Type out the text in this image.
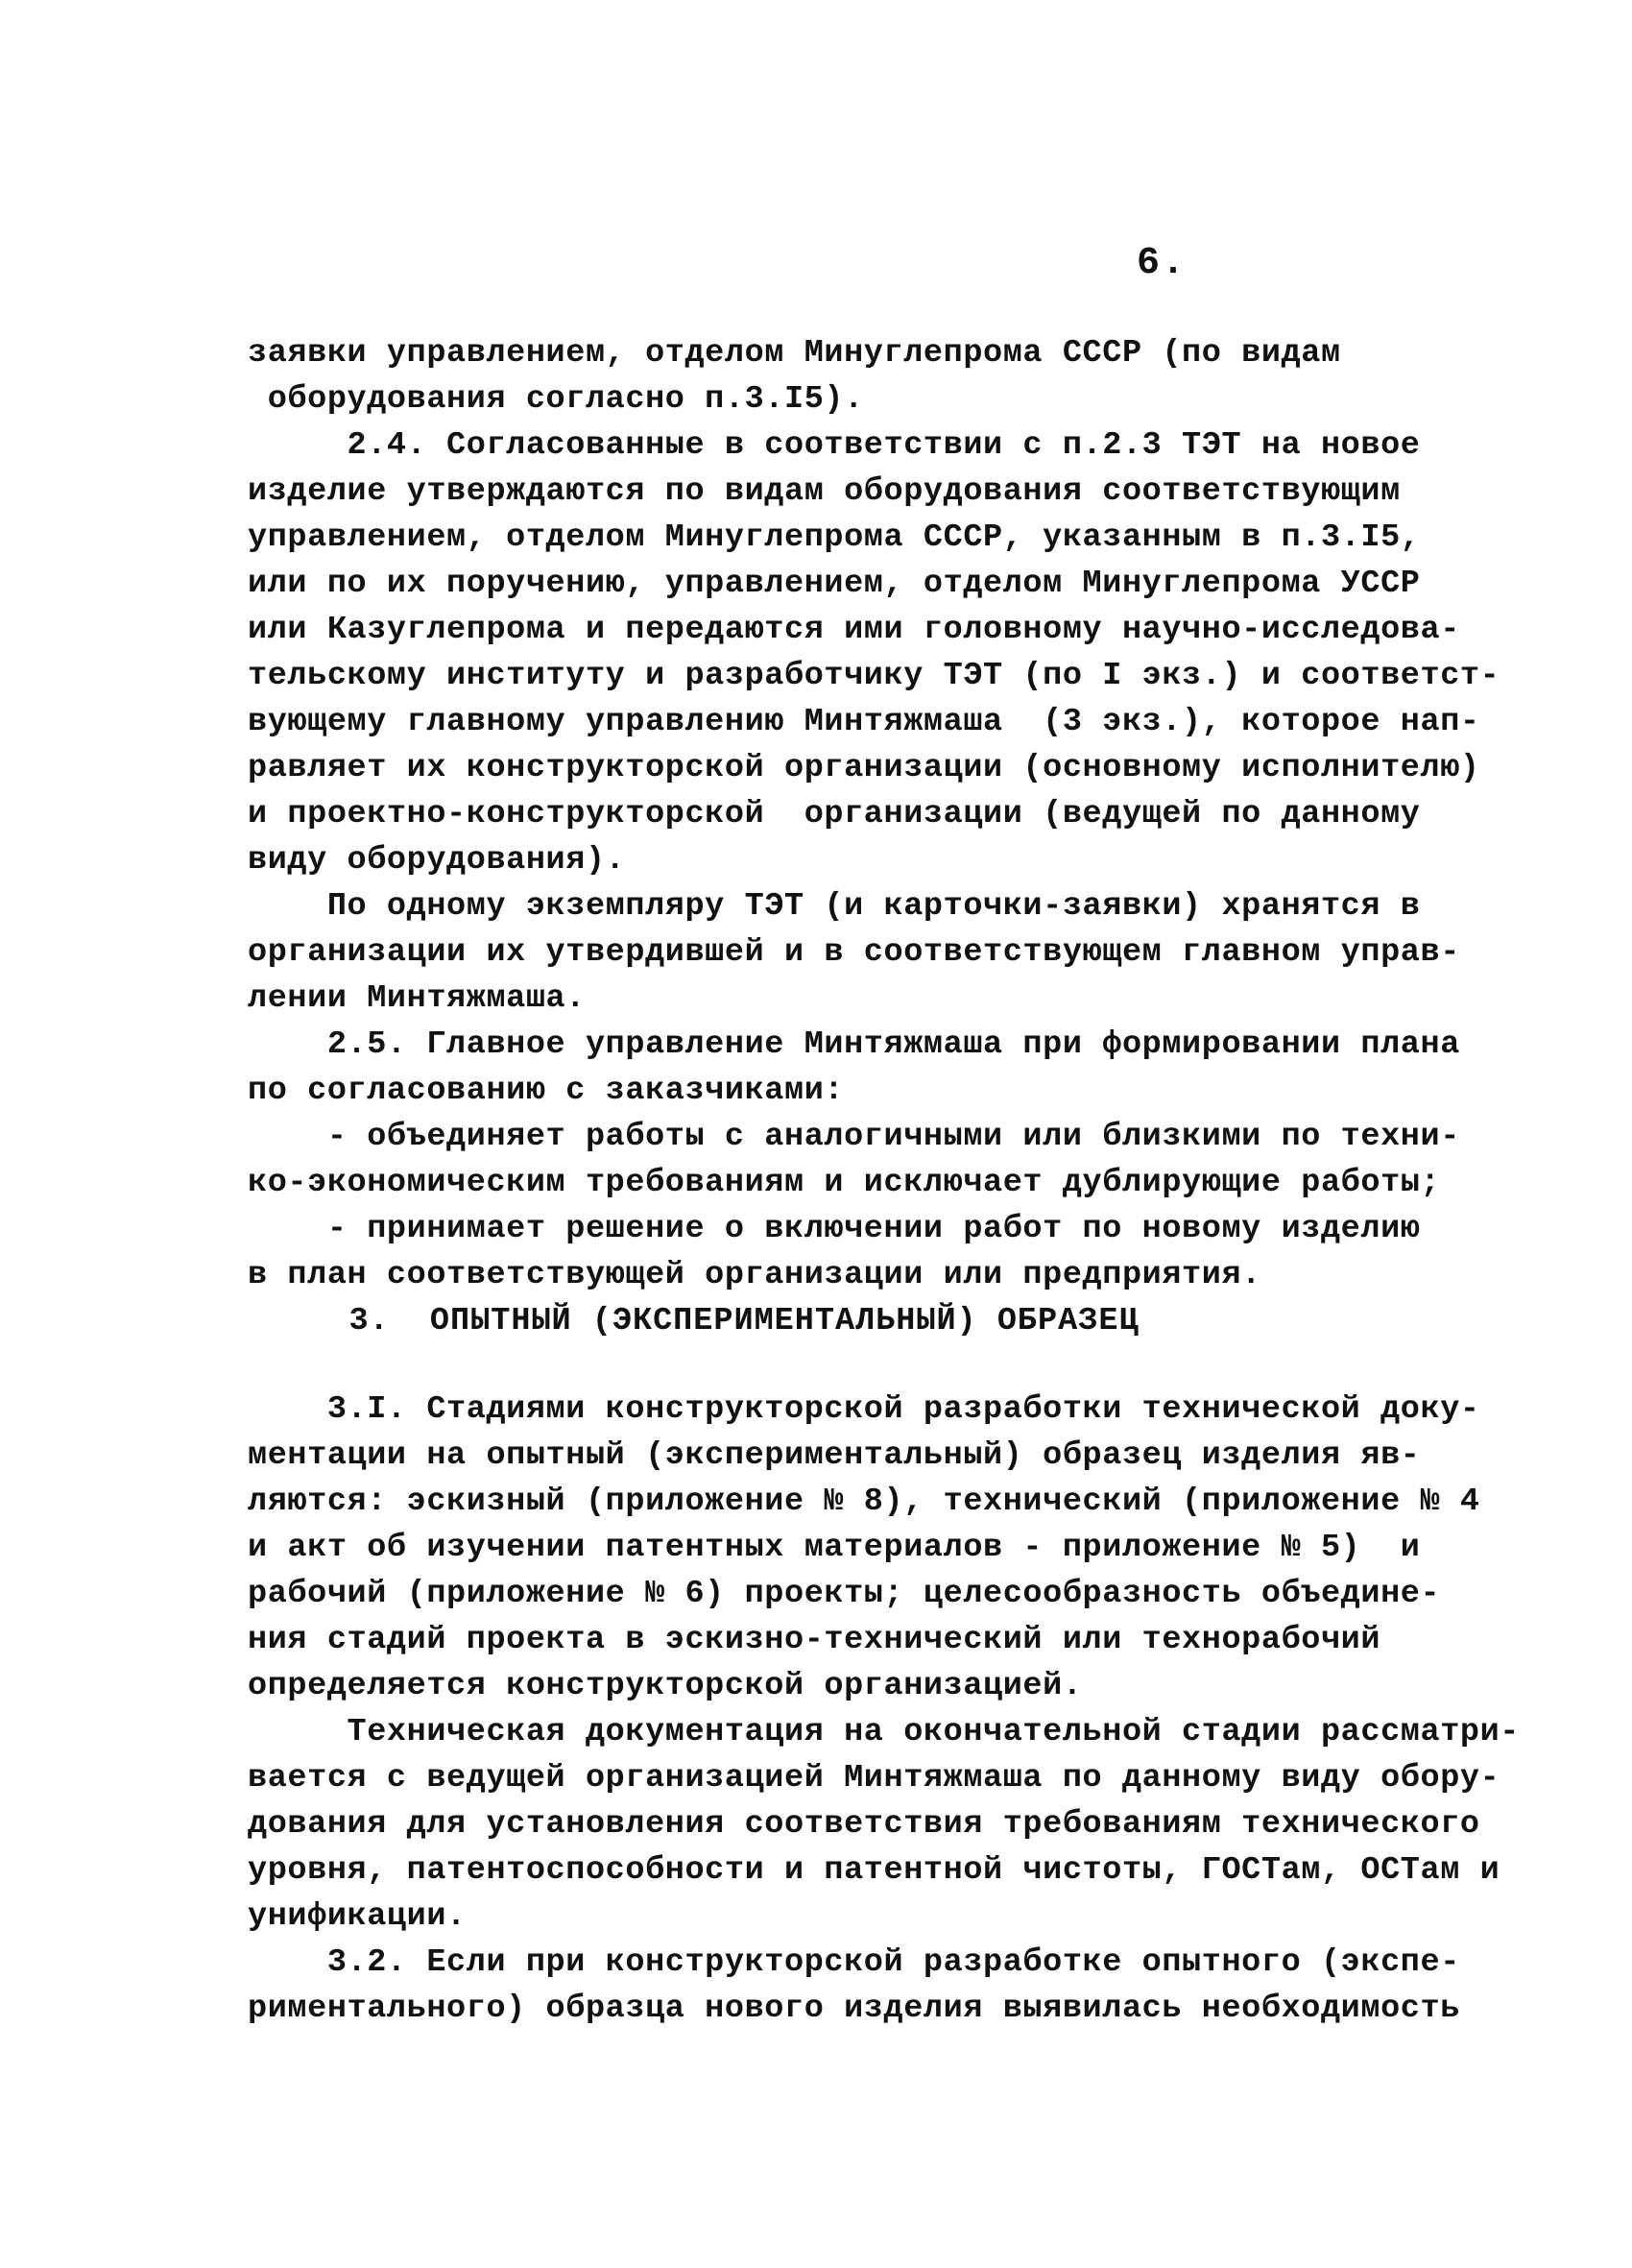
6.
заявки управлением, отделом Минуглепрома СССР (по видам
оборудования согласно п.3.I5).
2.4. Согласованные в соответствии с п.2.3 ТЭТ на новое
изделие утверждаются по видам оборудования соответствующим
управлением, отделом Минуглепрома СССР, указанным в п.3.I5,
или по их поручению, управлением, отделом Минуглепрома УССР
или Казуглепрома и передаются ими головному научно-исследова-
тельскому институту и разработчику ТЭТ (по I экз.) и соответст-
вующему главному управлению Минтяжмаша  (3 экз.), которое нап-
равляет их конструкторской организации (основному исполнителю)
и проектно-конструкторской  организации (ведущей по данному
виду оборудования).
По одному экземпляру ТЭТ (и карточки-заявки) хранятся в
организации их утвердившей и в соответствующем главном управ-
лении Минтяжмаша.
2.5. Главное управление Минтяжмаша при формировании плана
по согласованию с заказчиками:
- объединяет работы с аналогичными или близкими по техни-
ко-экономическим требованиям и исключает дублирующие работы;
- принимает решение о включении работ по новому изделию
в план соответствующей организации или предприятия.
3.  ОПЫТНЫЙ (ЭКСПЕРИМЕНТАЛЬНЫЙ) ОБРАЗЕЦ
3.I. Стадиями конструкторской разработки технической доку-
ментации на опытный (экспериментальный) образец изделия яв-
ляются: эскизный (приложение № 8), технический (приложение № 4
и акт об изучении патентных материалов - приложение № 5)  и
рабочий (приложение № 6) проекты; целесообразность объедине-
ния стадий проекта в эскизно-технический или технорабочий
определяется конструкторской организацией.
Техническая документация на окончательной стадии рассматри-
вается с ведущей организацией Минтяжмаша по данному виду обору-
дования для установления соответствия требованиям технического
уровня, патентоспособности и патентной чистоты, ГОСТам, ОСТам и
унификации.
3.2. Если при конструкторской разработке опытного (экспе-
риментального) образца нового изделия выявилась необходимость
